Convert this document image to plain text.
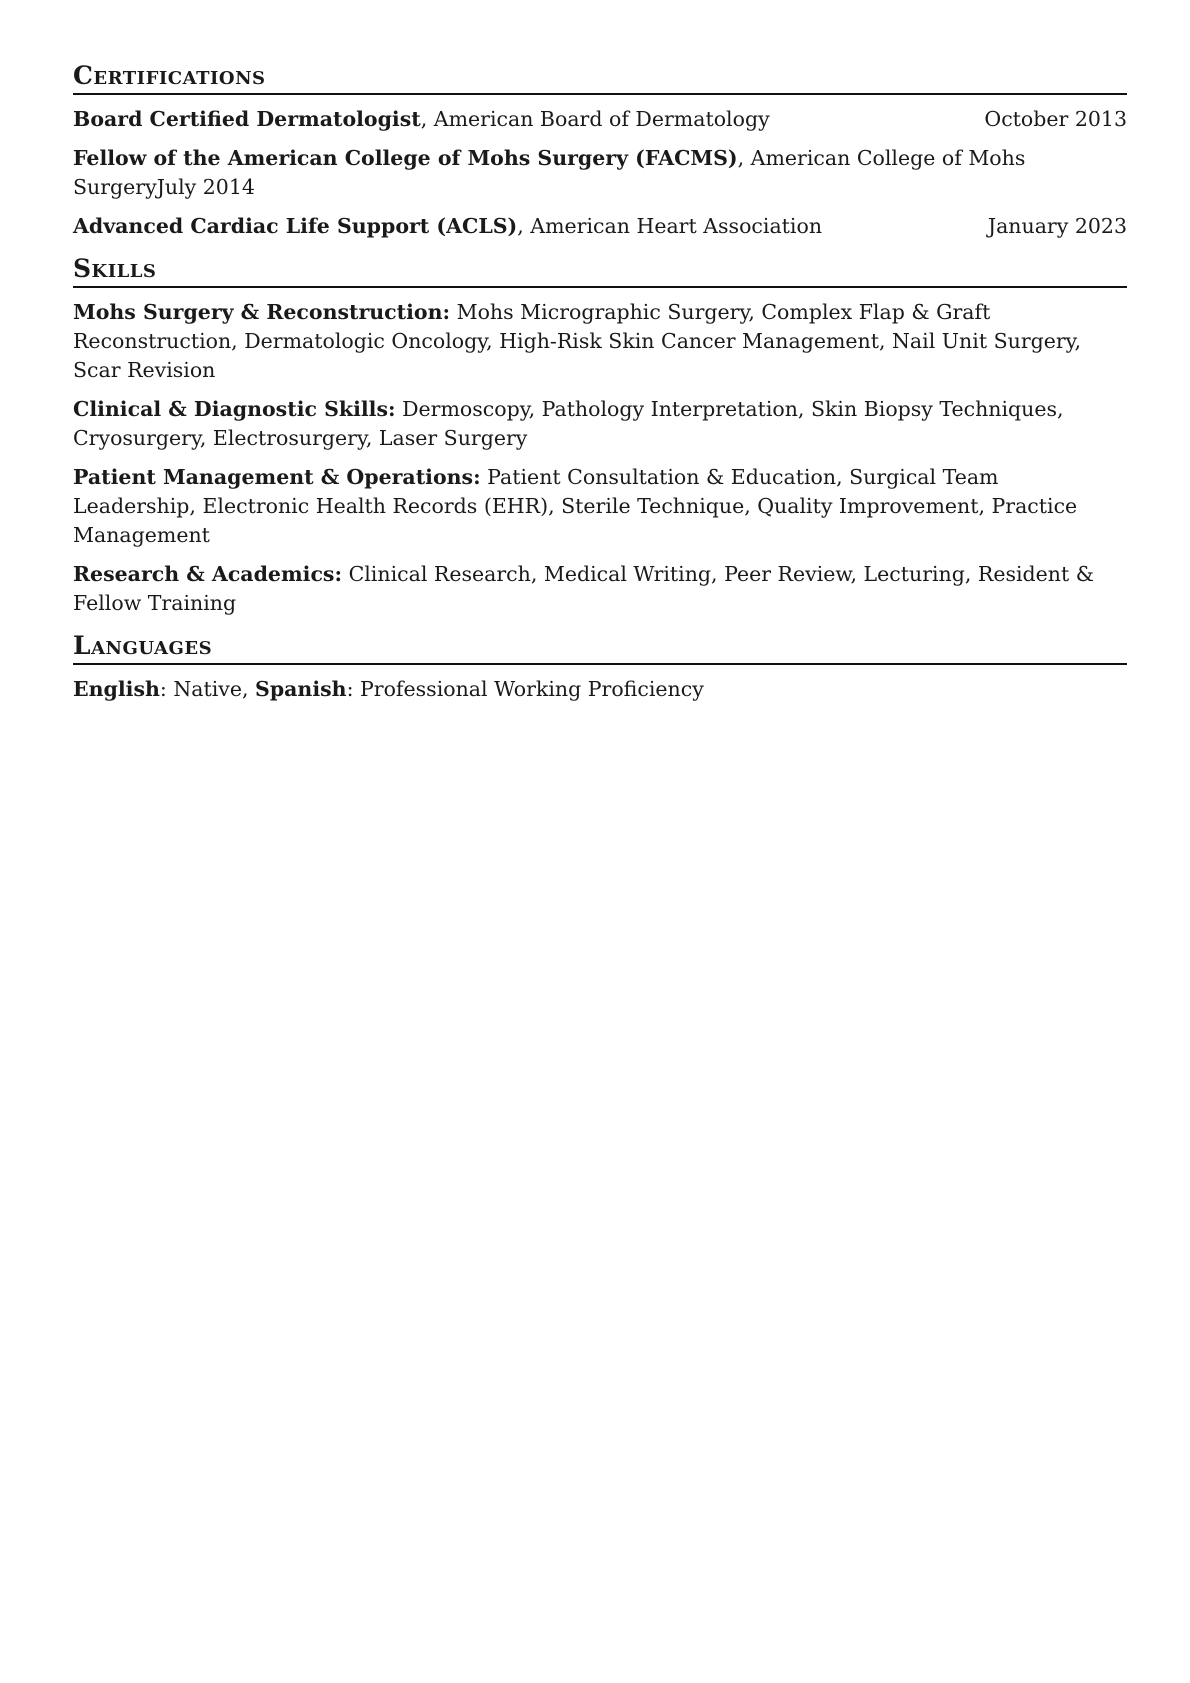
Certifications
Board Certified Dermatologist, American Board of Dermatology	October 2013
Fellow of the American College of Mohs Surgery (FACMS), American College of Mohs SurgeryJuly 2014
Advanced Cardiac Life Support (ACLS), American Heart Association	January 2023
Skills
Mohs Surgery & Reconstruction: Mohs Micrographic Surgery, Complex Flap & Graft Reconstruction, Dermatologic Oncology, High-Risk Skin Cancer Management, Nail Unit Surgery, Scar Revision
Clinical & Diagnostic Skills: Dermoscopy, Pathology Interpretation, Skin Biopsy Techniques, Cryosurgery, Electrosurgery, Laser Surgery
Patient Management & Operations: Patient Consultation & Education, Surgical Team Leadership, Electronic Health Records (EHR), Sterile Technique, Quality Improvement, Practice Management
Research & Academics: Clinical Research, Medical Writing, Peer Review, Lecturing, Resident & Fellow Training
Languages
English: Native, Spanish: Professional Working Proficiency
